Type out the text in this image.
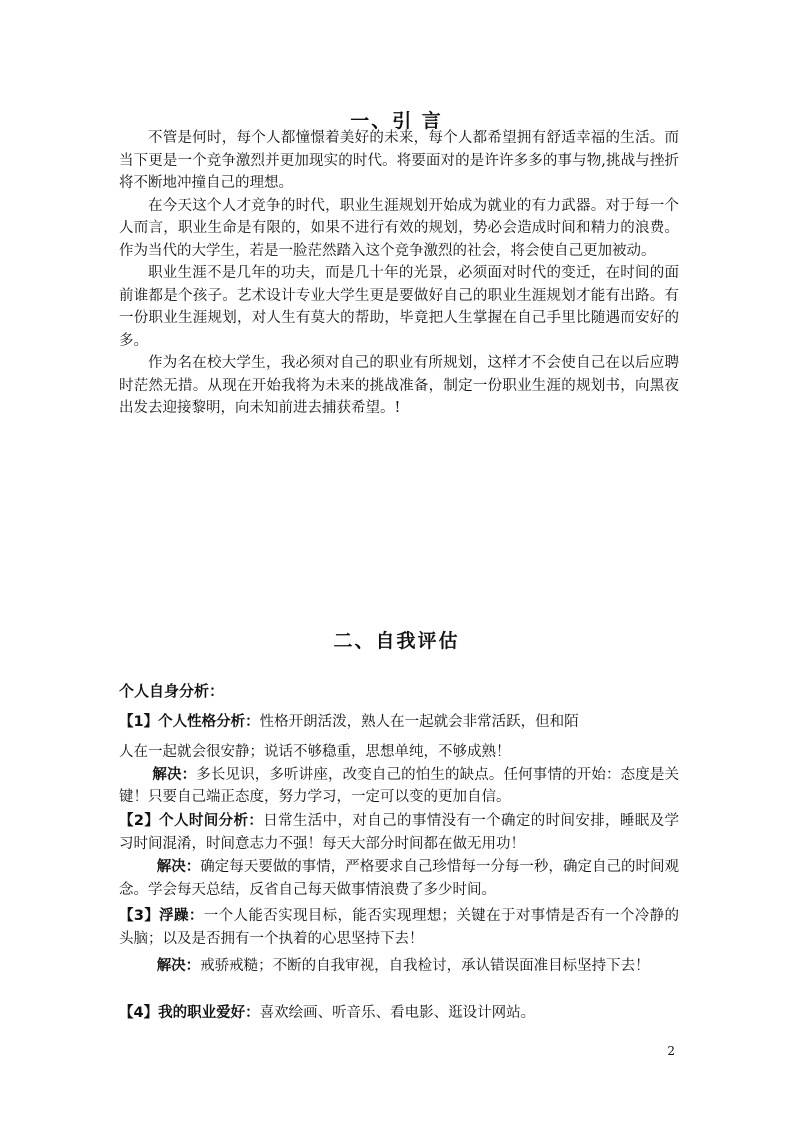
一、引 言

不管是何时，每个人都憧憬着美好的未来，每个人都希望拥有舒适幸福的生活。而当下更是一个竞争激烈并更加现实的时代。将要面对的是许许多多的事与物,挑战与挫折将不断地冲撞自己的理想。

在今天这个人才竞争的时代，职业生涯规划开始成为就业的有力武器。对于每一个人而言，职业生命是有限的，如果不进行有效的规划，势必会造成时间和精力的浪费。作为当代的大学生，若是一脸茫然踏入这个竞争激烈的社会，将会使自己更加被动。

职业生涯不是几年的功夫，而是几十年的光景，必须面对时代的变迁，在时间的面前谁都是个孩子。艺术设计专业大学生更是要做好自己的职业生涯规划才能有出路。有一份职业生涯规划，对人生有莫大的帮助，毕竟把人生掌握在自己手里比随遇而安好的多。

作为名在校大学生，我必须对自己的职业有所规划，这样才不会使自己在以后应聘时茫然无措。从现在开始我将为未来的挑战准备，制定一份职业生涯的规划书，向黑夜出发去迎接黎明，向未知前进去捕获希望。!

二、自我评估
个人自身分析：

【1】个人性格分析：性格开朗活泼，熟人在一起就会非常活跃，但和陌

人在一起就会很安静；说话不够稳重，思想单纯，不够成熟！

解决：多长见识，多听讲座，改变自己的怕生的缺点。任何事情的开始：态度是关键！只要自己端正态度，努力学习，一定可以变的更加自信。

【2】个人时间分析：日常生活中，对自己的事情没有一个确定的时间安排，睡眠及学习时间混淆，时间意志力不强！每天大部分时间都在做无用功！

解决：确定每天要做的事情，严格要求自己珍惜每一分每一秒，确定自己的时间观念。学会每天总结，反省自己每天做事情浪费了多少时间。

【3】浮躁：一个人能否实现目标，能否实现理想；关键在于对事情是否有一个冷静的头脑；以及是否拥有一个执着的心思坚持下去！

解决：戒骄戒糙；不断的自我审视，自我检讨，承认错误面准目标坚持下去！

【4】我的职业爱好：喜欢绘画、听音乐、看电影、逛设计网站。

2
